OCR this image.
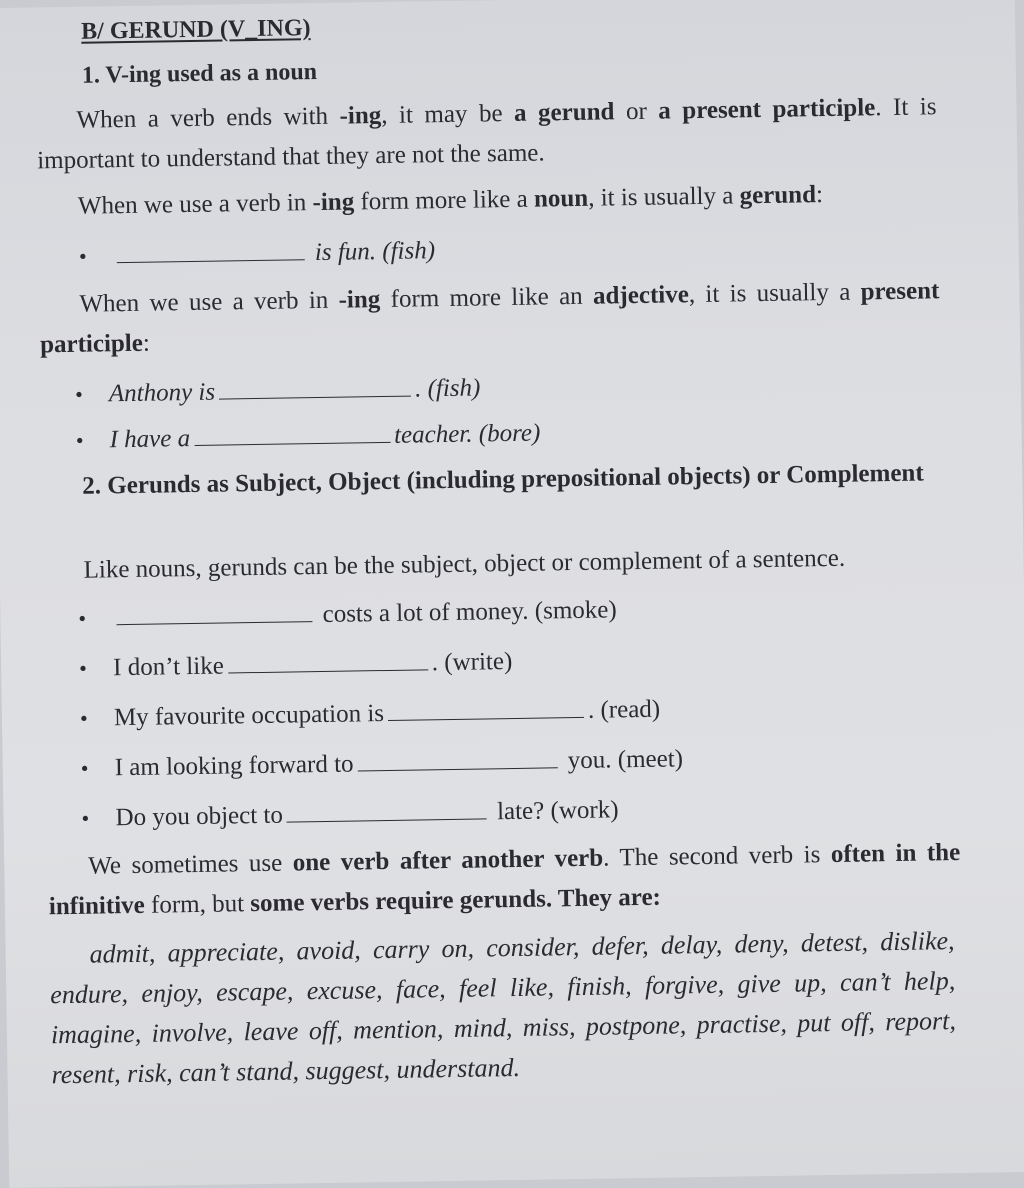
B/ GERUND (V_ING)
1. V-ing used as a noun
When a verb ends with -ing, it may be a gerund or a present participle. It is important to understand that they are not the same.
When we use a verb in -ing form more like a noun, it is usually a gerund:
•	is fun. (fish)
When we use a verb in -ing form more like an adjective, it is usually a present participle:
• Anthony is	. (fish)
• I have a	teacher. (bore)
2. Gerunds as Subject, Object (including prepositional objects) or Complement
Like nouns, gerunds can be the subject, object or complement of a sentence.
•	costs a lot of money. (smoke)
• I don’t like	. (write)
• My favourite occupation is	. (read)
• I am looking forward to	you. (meet)
• Do you object to	late? (work)
We sometimes use one verb after another verb. The second verb is often in the infinitive form, but some verbs require gerunds. They are:
admit, appreciate, avoid, carry on, consider, defer, delay, deny, detest, dislike, endure, enjoy, escape, excuse, face, feel like, finish, forgive, give up, can’t help, imagine, involve, leave off, mention, mind, miss, postpone, practise, put off, report, resent, risk, can’t stand, suggest, understand.
